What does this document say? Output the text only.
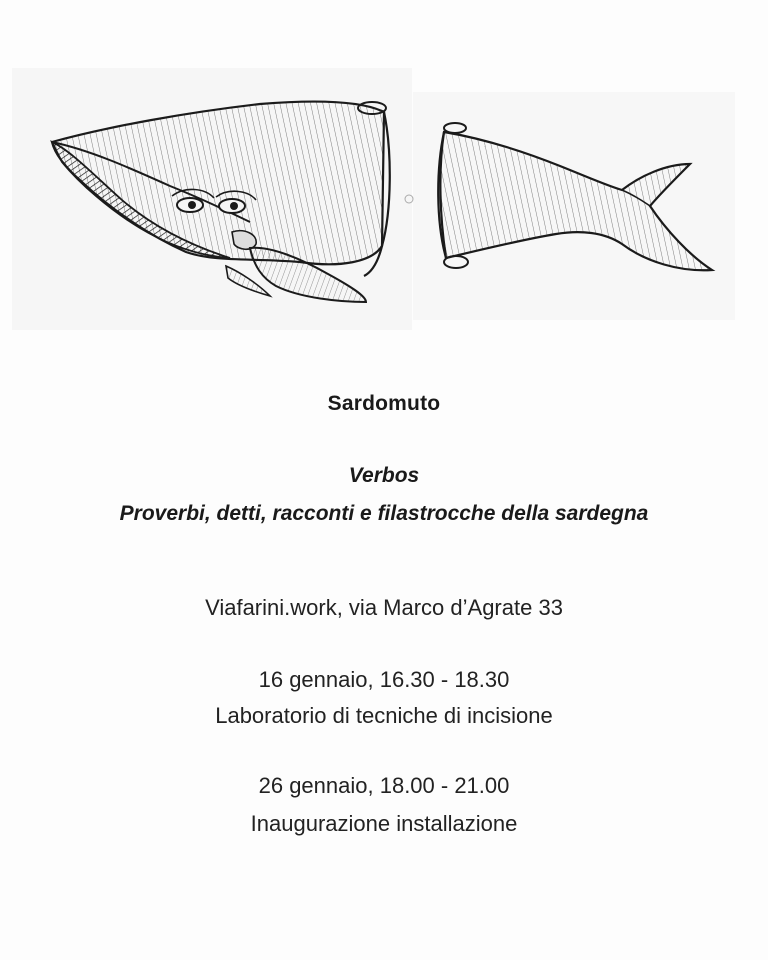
Sardomuto
Verbos
Proverbi, detti, racconti e filastrocche della sardegna
Viafarini.work, via Marco d’Agrate 33
16 gennaio, 16.30 - 18.30
Laboratorio di tecniche di incisione
26 gennaio, 18.00 - 21.00
Inaugurazione installazione
